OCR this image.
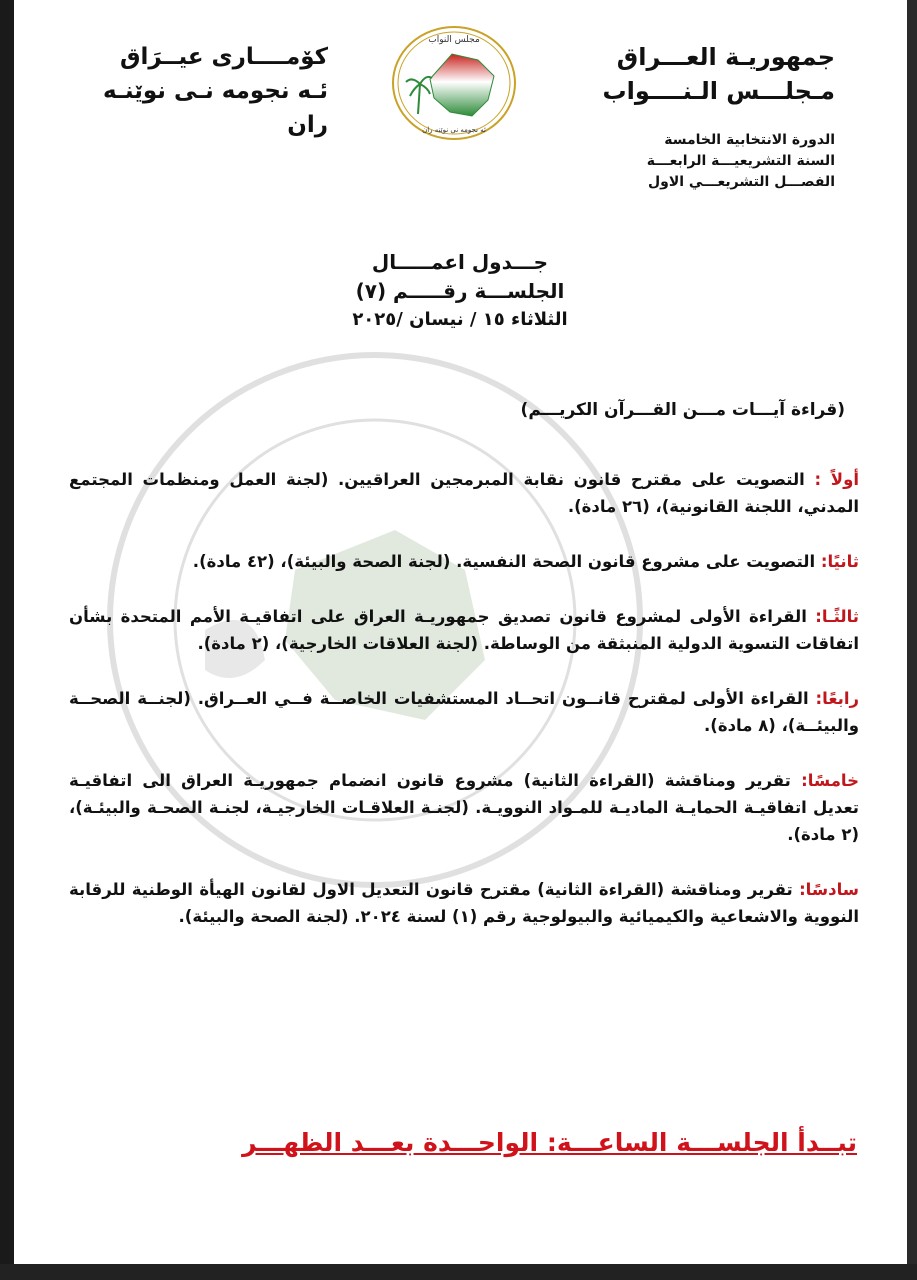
جمهوريـة العـــراق
مـجلـــس الـنــــواب
الدورة الانتخابية الخامسة
السنة التشريعيـــة الرابعـــة
الفصـــل التشريعـــي الاول
كۆمــــارى عيــرَاق
ئـه نجومه نـى نوێنـه ران
مجلس النواب
ئه نجومه نى نوێنه ران
جـــدول اعمـــــال
الجلســـة رقـــــم (٧)
الثلاثاء ١٥ / نيسان /٢٠٢٥
(قراءة آيـــات مـــن القـــرآن الكريـــم)
أولاً : التصويت على مقترح قانون نقابة المبرمجين العراقيين. (لجنة العمل ومنظمات المجتمع المدني، اللجنة القانونية)، (٢٦ مادة).
ثانيًا: التصويت على مشروع قانون الصحة النفسية. (لجنة الصحة والبيئة)، (٤٢ مادة).
ثالثًـا: القراءة الأولى لمشروع قانون تصديق جمهوريـة العراق على اتفاقيـة الأمم المتحدة بشأن اتفاقات التسوية الدولية المنبثقة من الوساطة. (لجنة العلاقات الخارجية)، (٢ مادة).
رابعًا: القراءة الأولى لمقترح قانــون اتحــاد المستشفيات الخاصــة فــي العــراق. (لجنــة الصحــة والبيئــة)، (٨ مادة).
خامسًا: تقرير ومناقشة (القراءة الثانية) مشروع قانون انضمام جمهوريـة العراق الى اتفاقيـة تعديل اتفاقيـة الحمايـة الماديـة للمـواد النوويـة. (لجنـة العلاقـات الخارجيـة، لجنـة الصحـة والبيئـة)، (٢ مادة).
سادسًا: تقرير ومناقشة (القراءة الثانية) مقترح قانون التعديل الاول لقانون الهيأة الوطنية للرقابة النووية والاشعاعية والكيميائية والبيولوجية رقم (١) لسنة ٢٠٢٤. (لجنة الصحة والبيئة).
تبــدأ الجلســـة الساعـــة: الواحـــدة بعـــد الظهـــر
